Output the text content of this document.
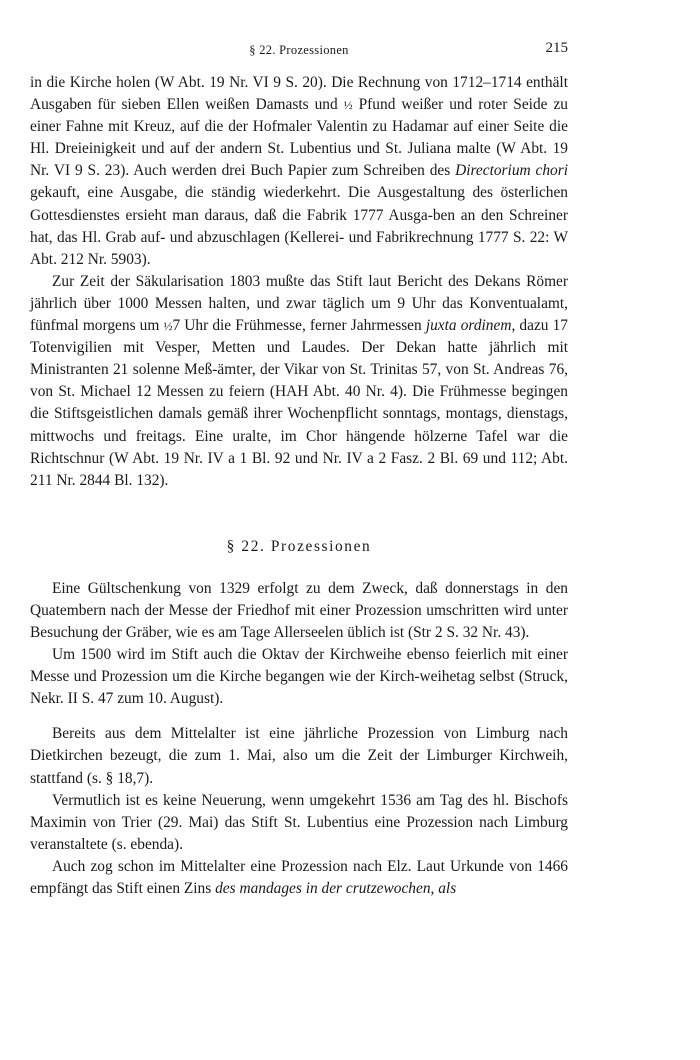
§ 22. Prozessionen	215

in die Kirche holen (W Abt. 19 Nr. VI 9 S. 20). Die Rechnung von 1712–1714 enthält Ausgaben für sieben Ellen weißen Damasts und ½ Pfund weißer und roter Seide zu einer Fahne mit Kreuz, auf die der Hofmaler Valentin zu Hadamar auf einer Seite die Hl. Dreieinigkeit und auf der andern St. Lubentius und St. Juliana malte (W Abt. 19 Nr. VI 9 S. 23). Auch werden drei Buch Papier zum Schreiben des Directorium chori gekauft, eine Ausgabe, die ständig wiederkehrt. Die Ausgestaltung des österlichen Gottesdienstes ersieht man daraus, daß die Fabrik 1777 Ausga-ben an den Schreiner hat, das Hl. Grab auf- und abzuschlagen (Kellerei- und Fabrikrechnung 1777 S. 22: W Abt. 212 Nr. 5903).

Zur Zeit der Säkularisation 1803 mußte das Stift laut Bericht des Dekans Römer jährlich über 1000 Messen halten, und zwar täglich um 9 Uhr das Konventualamt, fünfmal morgens um ½7 Uhr die Frühmesse, ferner Jahrmessen juxta ordinem, dazu 17 Totenvigilien mit Vesper, Metten und Laudes. Der Dekan hatte jährlich mit Ministranten 21 solenne Meß-ämter, der Vikar von St. Trinitas 57, von St. Andreas 76, von St. Michael 12 Messen zu feiern (HAH Abt. 40 Nr. 4). Die Frühmesse begingen die Stiftsgeistlichen damals gemäß ihrer Wochenpflicht sonntags, montags, dienstags, mittwochs und freitags. Eine uralte, im Chor hängende hölzerne Tafel war die Richtschnur (W Abt. 19 Nr. IV a 1 Bl. 92 und Nr. IV a 2 Fasz. 2 Bl. 69 und 112; Abt. 211 Nr. 2844 Bl. 132).

§ 22. Prozessionen

Eine Gültschenkung von 1329 erfolgt zu dem Zweck, daß donnerstags in den Quatembern nach der Messe der Friedhof mit einer Prozession umschritten wird unter Besuchung der Gräber, wie es am Tage Allerseelen üblich ist (Str 2 S. 32 Nr. 43).

Um 1500 wird im Stift auch die Oktav der Kirchweihe ebenso feierlich mit einer Messe und Prozession um die Kirche begangen wie der Kirch-weihetag selbst (Struck, Nekr. II S. 47 zum 10. August).

Bereits aus dem Mittelalter ist eine jährliche Prozession von Limburg nach Dietkirchen bezeugt, die zum 1. Mai, also um die Zeit der Limburger Kirchweih, stattfand (s. § 18,7).

Vermutlich ist es keine Neuerung, wenn umgekehrt 1536 am Tag des hl. Bischofs Maximin von Trier (29. Mai) das Stift St. Lubentius eine Prozession nach Limburg veranstaltete (s. ebenda).

Auch zog schon im Mittelalter eine Prozession nach Elz. Laut Urkunde von 1466 empfängt das Stift einen Zins des mandages in der crutzewochen, als
